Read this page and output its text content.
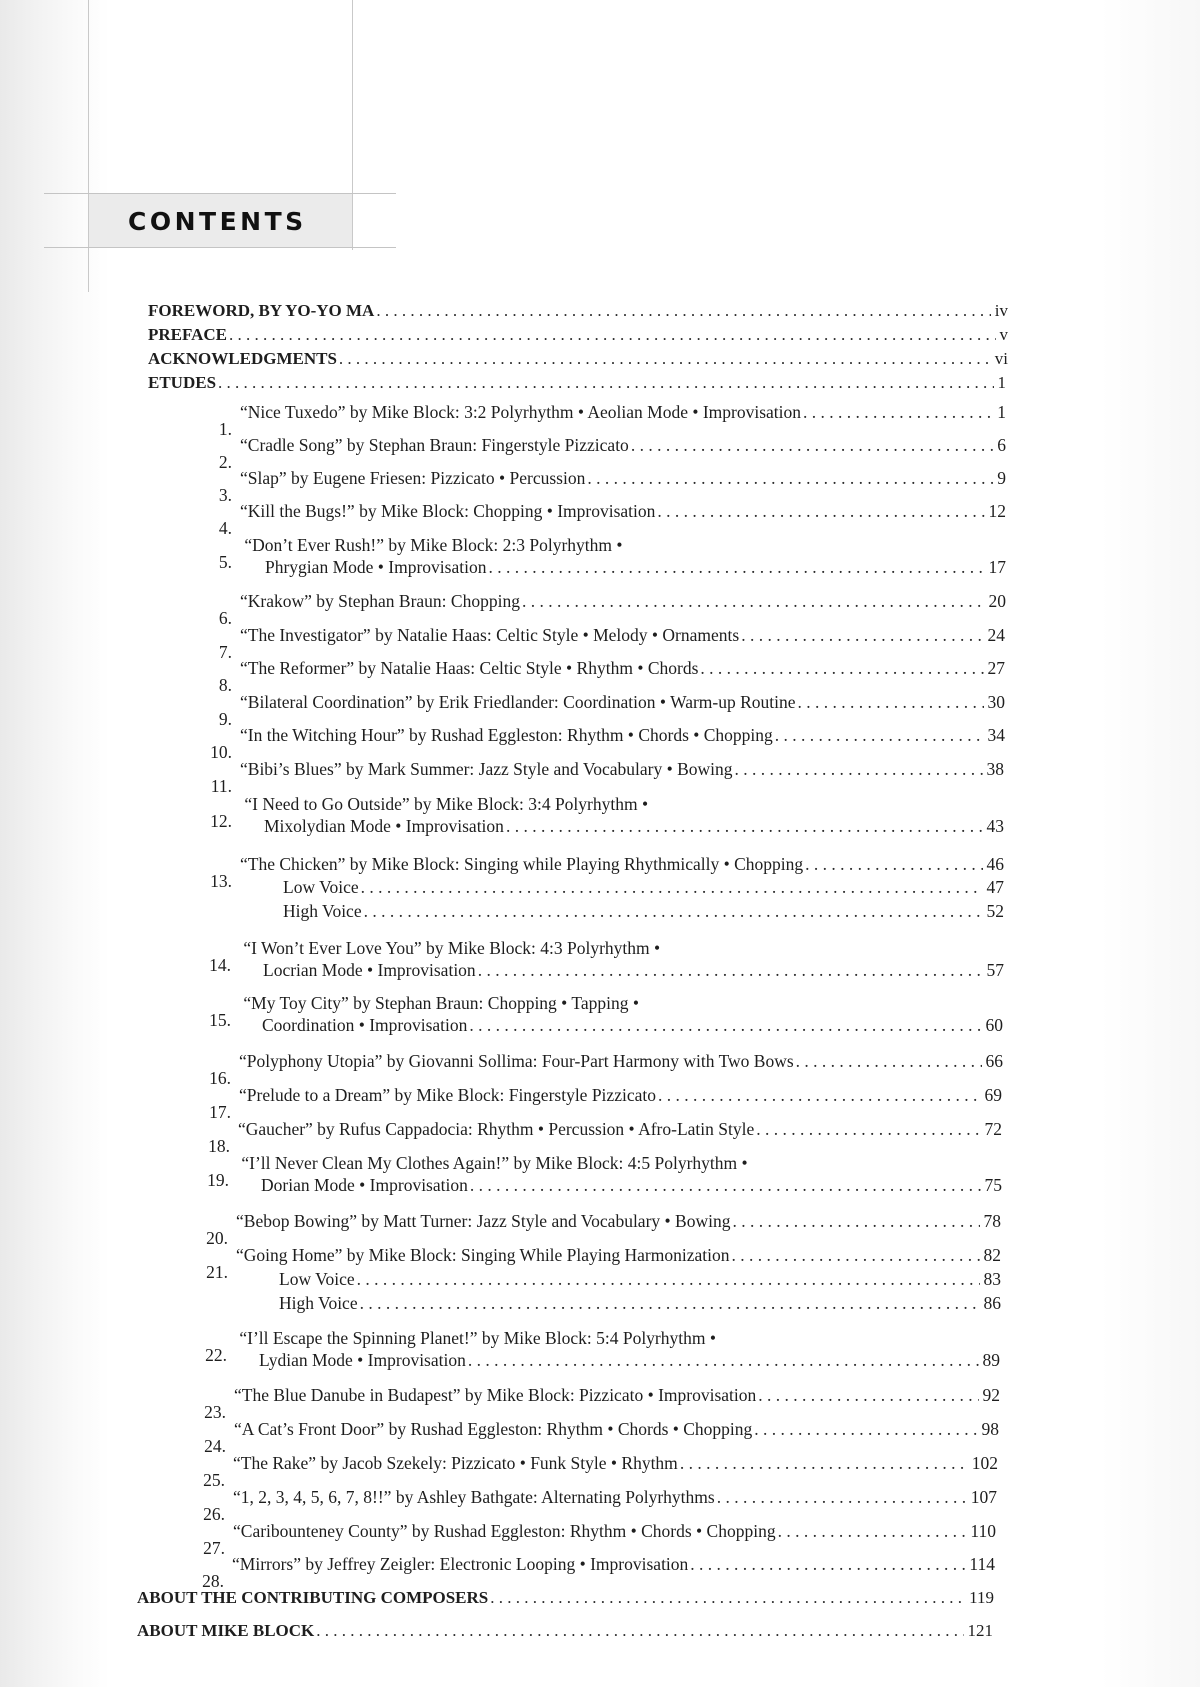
CONTENTS
FOREWORD, BY YO-YO MA . . .	iv
PREFACE . . .	v
ACKNOWLEDGMENTS . . .	vi
ETUDES . . .	1
1.
“Nice Tuxedo” by Mike Block: 3:2 Polyrhythm • Aeolian Mode • Improvisation . . .	1
2.
“Cradle Song” by Stephan Braun: Fingerstyle Pizzicato . . .	6
3.
“Slap” by Eugene Friesen: Pizzicato • Percussion . . .	9
4.
“Kill the Bugs!” by Mike Block: Chopping • Improvisation . . .	12
5.
“Don’t Ever Rush!” by Mike Block: 2:3 Polyrhythm •
Phrygian Mode • Improvisation . . .	17
6.
“Krakow” by Stephan Braun: Chopping . . .	20
7.
“The Investigator” by Natalie Haas: Celtic Style • Melody • Ornaments . . .	24
8.
“The Reformer” by Natalie Haas: Celtic Style • Rhythm • Chords . . .	27
9.
“Bilateral Coordination” by Erik Friedlander: Coordination • Warm-up Routine . . .	30
10.
“In the Witching Hour” by Rushad Eggleston: Rhythm • Chords • Chopping . . .	34
11.
“Bibi’s Blues” by Mark Summer: Jazz Style and Vocabulary • Bowing . . .	38
12.
“I Need to Go Outside” by Mike Block: 3:4 Polyrhythm •
Mixolydian Mode • Improvisation . . .	43
13.
“The Chicken” by Mike Block: Singing while Playing Rhythmically • Chopping . . .	46
Low Voice . . .	47
High Voice . . .	52
14.
“I Won’t Ever Love You” by Mike Block: 4:3 Polyrhythm •
Locrian Mode • Improvisation . . .	57
15.
“My Toy City” by Stephan Braun: Chopping • Tapping •
Coordination • Improvisation . . .	60
16.
“Polyphony Utopia” by Giovanni Sollima: Four-Part Harmony with Two Bows . . .	66
17.
“Prelude to a Dream” by Mike Block: Fingerstyle Pizzicato . . .	69
18.
“Gaucher” by Rufus Cappadocia: Rhythm • Percussion • Afro-Latin Style . . .	72
19.
“I’ll Never Clean My Clothes Again!” by Mike Block: 4:5 Polyrhythm •
Dorian Mode • Improvisation . . .	75
20.
“Bebop Bowing” by Matt Turner: Jazz Style and Vocabulary • Bowing . . .	78
21.
“Going Home” by Mike Block: Singing While Playing Harmonization . . .	82
Low Voice . . .	83
High Voice . . .	86
22.
“I’ll Escape the Spinning Planet!” by Mike Block: 5:4 Polyrhythm •
Lydian Mode • Improvisation . . .	89
23.
“The Blue Danube in Budapest” by Mike Block: Pizzicato • Improvisation . . .	92
24.
“A Cat’s Front Door” by Rushad Eggleston: Rhythm • Chords • Chopping . . .	98
25.
“The Rake” by Jacob Szekely: Pizzicato • Funk Style • Rhythm . . .	102
26.
“1, 2, 3, 4, 5, 6, 7, 8!!” by Ashley Bathgate: Alternating Polyrhythms . . .	107
27.
“Caribounteney County” by Rushad Eggleston: Rhythm • Chords • Chopping . . .	110
28.
“Mirrors” by Jeffrey Zeigler: Electronic Looping • Improvisation . . .	114
ABOUT THE CONTRIBUTING COMPOSERS . . .	119
ABOUT MIKE BLOCK . . .	121
